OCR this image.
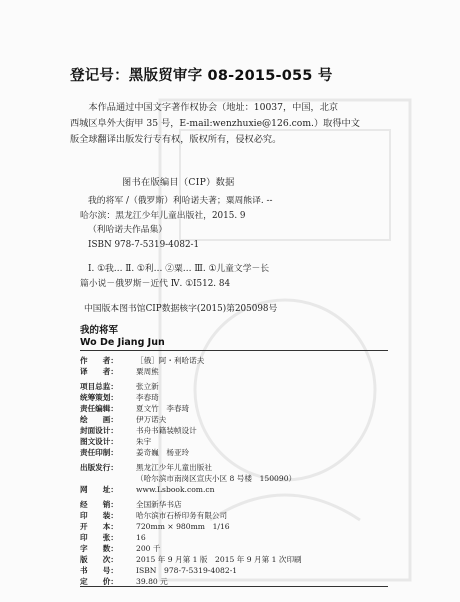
登记号：黑版贸审字 08-2015-055 号

本作品通过中国文字著作权协会（地址：10037，中国，北京

西城区阜外大街甲 35 号，E-mail:wenzhuxie@126.com.）取得中文
版全球翻译出版发行专有权，版权所有，侵权必究。
图书在版编目（CIP）数据
我的将军 /（俄罗斯）利哈诺夫著；粟周熊译. --
哈尔滨：黑龙江少年儿童出版社，2015. 9
（利哈诺夫作品集）
ISBN 978-7-5319-4082-1
Ⅰ. ①我… Ⅱ. ①利… ②粟… Ⅲ. ①儿童文学－长
篇小说－俄罗斯－近代 Ⅳ. ①I512. 84
中国版本图书馆CIP数据核字(2015)第205098号
我的将军
Wo De Jiang Jun
作　　者：	［俄］阿・利哈诺夫
译　　者：	粟周熊
项目总监：	张立新
统筹策划：	李春琦
责任编辑：	夏文竹　李春琦
绘　　画：	伊万诺夫
封面设计：	书舟书籍装帧设计
图文设计：	朱宇
责任印制：	姜奇巍　杨亚玲
出版发行：	黑龙江少年儿童出版社
（哈尔滨市南岗区宣庆小区 8 号楼　150090）
网　　址：	www.Lsbook.com.cn
经　　销：	全国新华书店
印　　装：	哈尔滨市石桥印务有限公司
开　　本：	720mm × 980mm　1/16
印　　张：	16
字　　数：	200 千
版　　次：	2015 年 9 月第 1 版　2015 年 9 月第 1 次印刷
书　　号：	ISBN　978-7-5319-4082-1
定　　价：	39.80 元
